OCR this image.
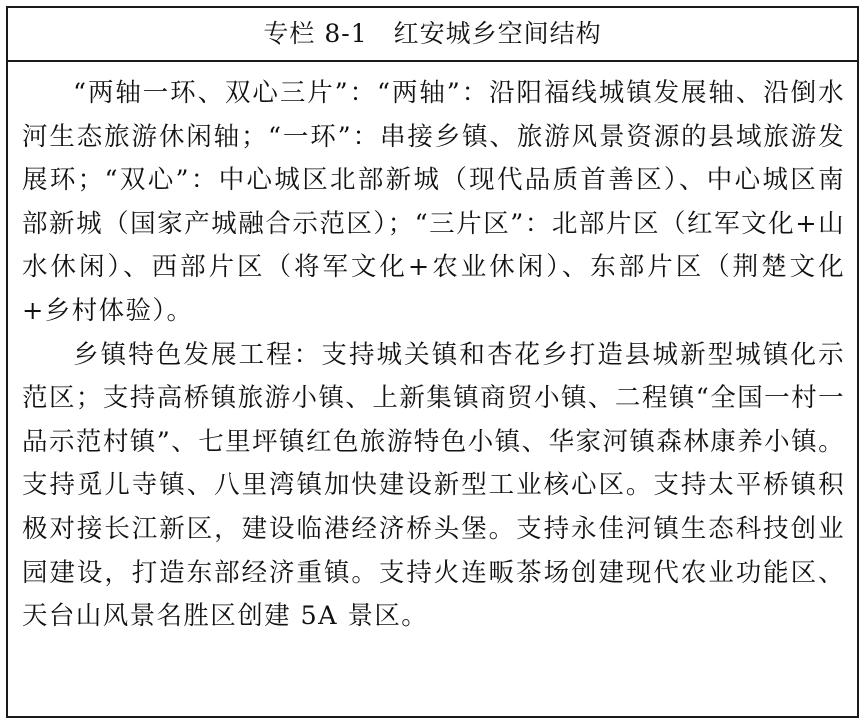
专栏 8-1　红安城乡空间结构

“两轴一环、双心三片”：“两轴”：沿阳福线城镇发展轴、沿倒水河生态旅游休闲轴；“一环”：串接乡镇、旅游风景资源的县域旅游发展环；“双心”：中心城区北部新城（现代品质首善区）、中心城区南部新城（国家产城融合示范区）；“三片区”：北部片区（红军文化+山水休闲）、西部片区（将军文化+农业休闲）、东部片区（荆楚文化+乡村体验）。

乡镇特色发展工程：支持城关镇和杏花乡打造县城新型城镇化示范区；支持高桥镇旅游小镇、上新集镇商贸小镇、二程镇“全国一村一品示范村镇”、七里坪镇红色旅游特色小镇、华家河镇森林康养小镇。支持觅儿寺镇、八里湾镇加快建设新型工业核心区。支持太平桥镇积极对接长江新区，建设临港经济桥头堡。支持永佳河镇生态科技创业园建设，打造东部经济重镇。支持火连畈茶场创建现代农业功能区、天台山风景名胜区创建 5A 景区。
